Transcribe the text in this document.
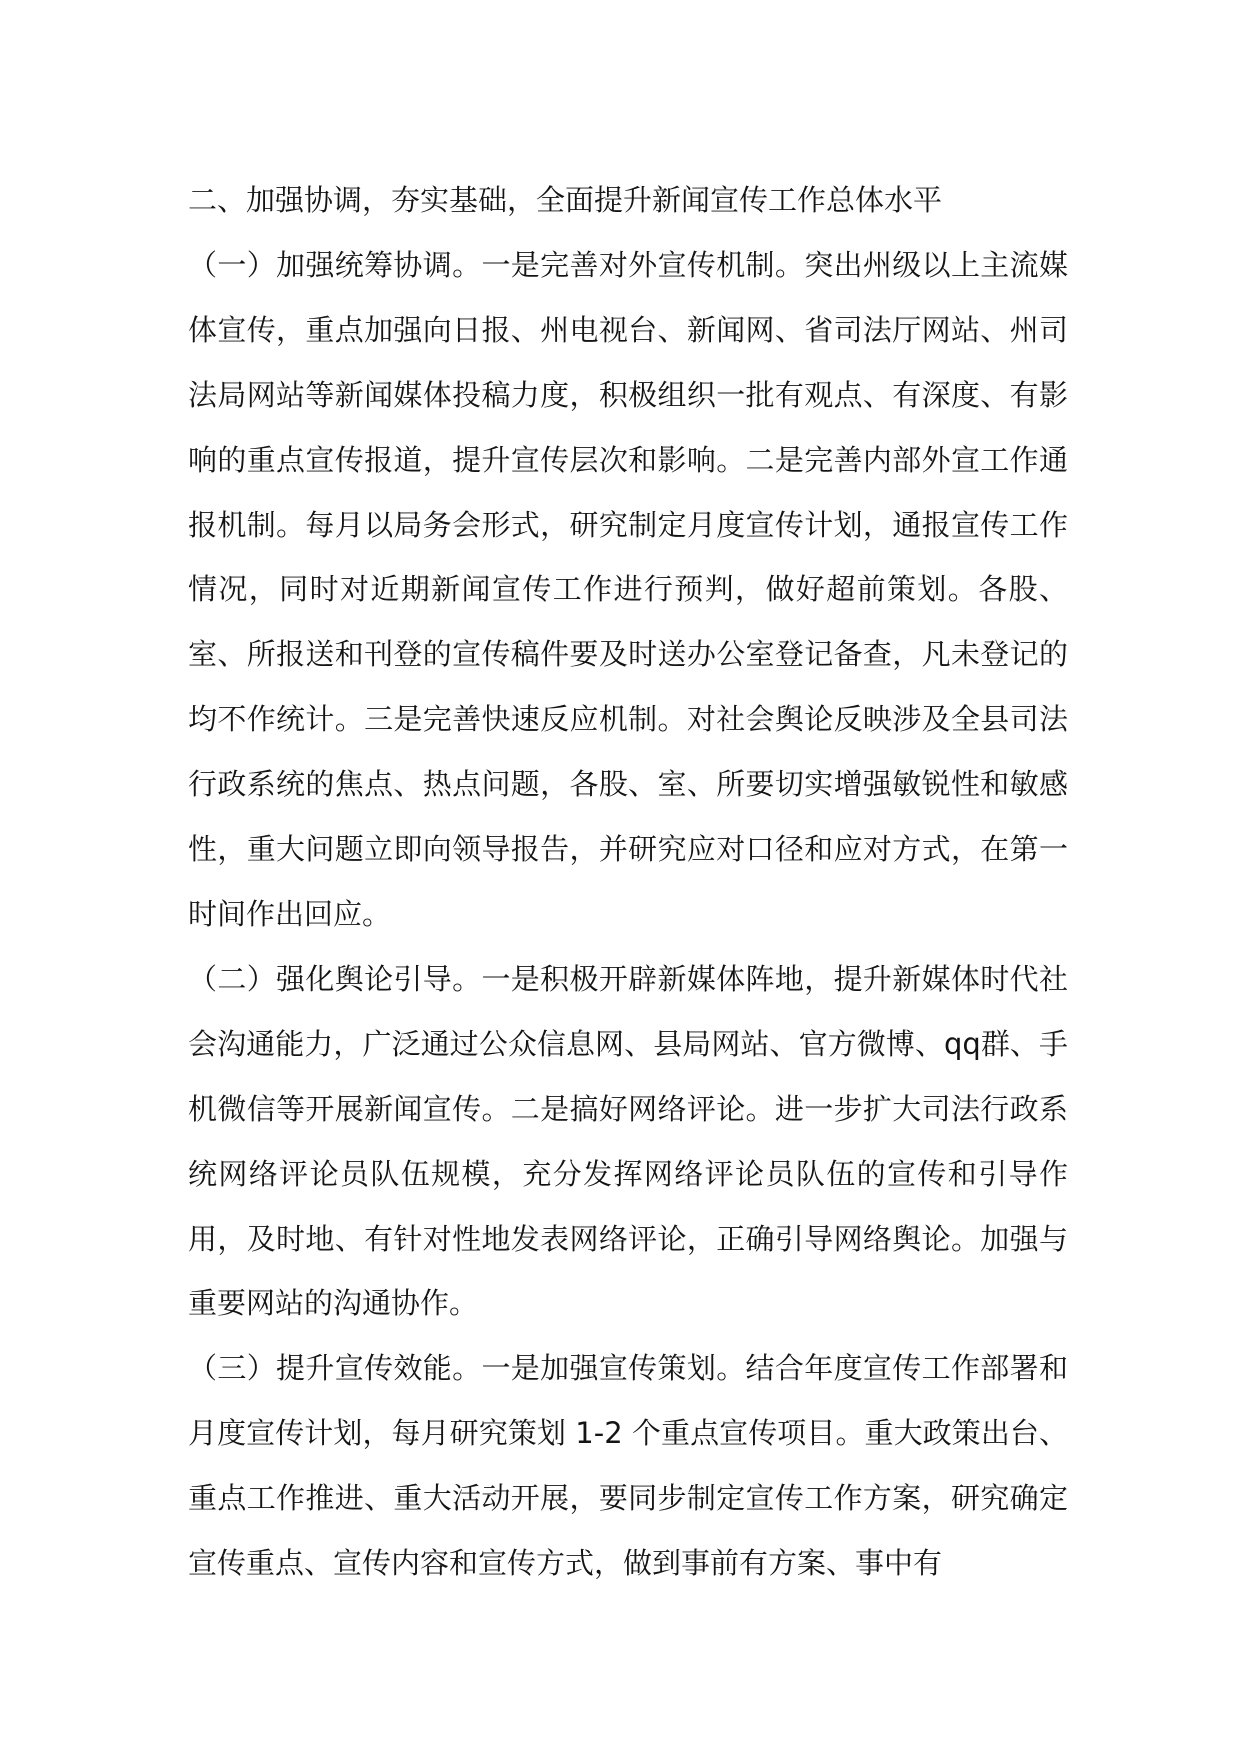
二、加强协调，夯实基础，全面提升新闻宣传工作总体水平

（一）加强统筹协调。一是完善对外宣传机制。突出州级以上主流媒体宣传，重点加强向日报、州电视台、新闻网、省司法厅网站、州司法局网站等新闻媒体投稿力度，积极组织一批有观点、有深度、有影响的重点宣传报道，提升宣传层次和影响。二是完善内部外宣工作通报机制。每月以局务会形式，研究制定月度宣传计划，通报宣传工作情况，同时对近期新闻宣传工作进行预判，做好超前策划。各股、室、所报送和刊登的宣传稿件要及时送办公室登记备查，凡未登记的均不作统计。三是完善快速反应机制。对社会舆论反映涉及全县司法行政系统的焦点、热点问题，各股、室、所要切实增强敏锐性和敏感性，重大问题立即向领导报告，并研究应对口径和应对方式，在第一时间作出回应。

（二）强化舆论引导。一是积极开辟新媒体阵地，提升新媒体时代社会沟通能力，广泛通过公众信息网、县局网站、官方微博、qq群、手机微信等开展新闻宣传。二是搞好网络评论。进一步扩大司法行政系统网络评论员队伍规模，充分发挥网络评论员队伍的宣传和引导作用，及时地、有针对性地发表网络评论，正确引导网络舆论。加强与重要网站的沟通协作。

（三）提升宣传效能。一是加强宣传策划。结合年度宣传工作部署和月度宣传计划，每月研究策划 1-2 个重点宣传项目。重大政策出台、重点工作推进、重大活动开展，要同步制定宣传工作方案，研究确定宣传重点、宣传内容和宣传方式，做到事前有方案、事中有
